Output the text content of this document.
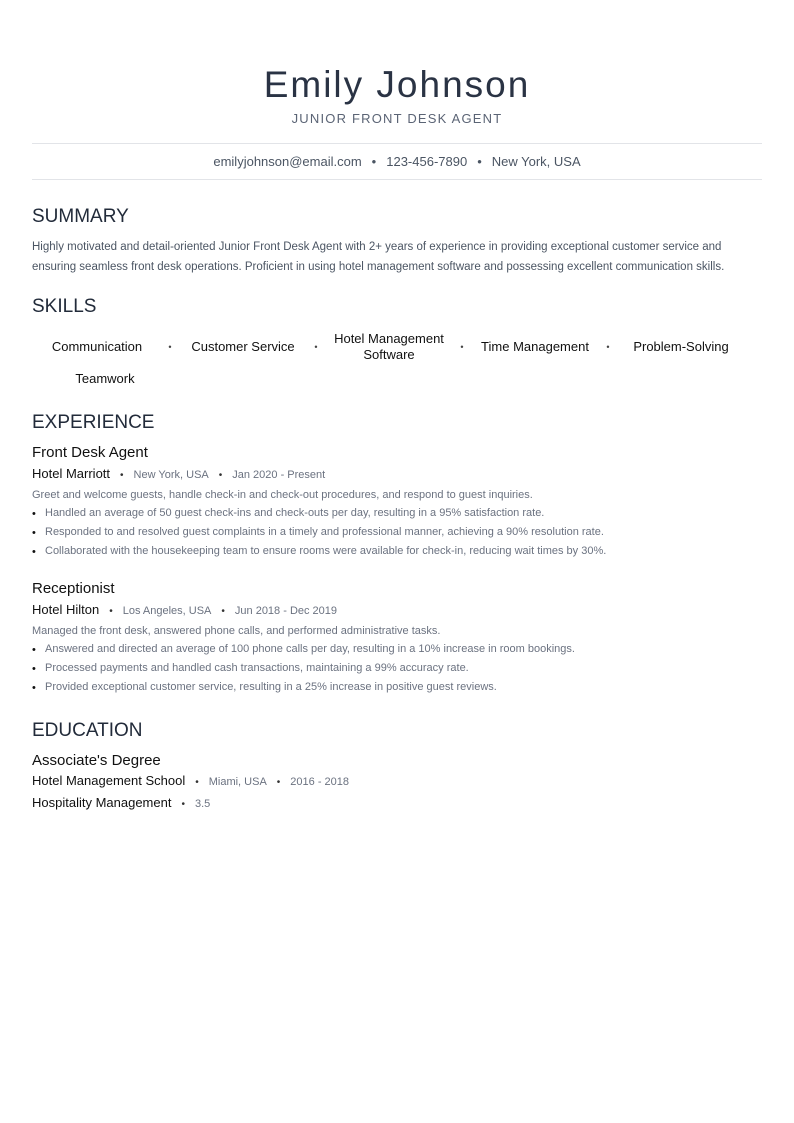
Emily Johnson
JUNIOR FRONT DESK AGENT
emilyjohnson@email.com • 123-456-7890 • New York, USA
SUMMARY
Highly motivated and detail-oriented Junior Front Desk Agent with 2+ years of experience in providing exceptional customer service and ensuring seamless front desk operations. Proficient in using hotel management software and possessing excellent communication skills.
SKILLS
Communication	•	Customer Service	•
Hotel Management Software	•	Time Management	•	Problem-Solving
Teamwork
EXPERIENCE
Front Desk Agent
Hotel Marriott • New York, USA • Jan 2020 - Present
Greet and welcome guests, handle check-in and check-out procedures, and respond to guest inquiries.
• Handled an average of 50 guest check-ins and check-outs per day, resulting in a 95% satisfaction rate.
• Responded to and resolved guest complaints in a timely and professional manner, achieving a 90% resolution rate.
• Collaborated with the housekeeping team to ensure rooms were available for check-in, reducing wait times by 30%.
Receptionist
Hotel Hilton • Los Angeles, USA • Jun 2018 - Dec 2019
Managed the front desk, answered phone calls, and performed administrative tasks.
• Answered and directed an average of 100 phone calls per day, resulting in a 10% increase in room bookings.
• Processed payments and handled cash transactions, maintaining a 99% accuracy rate.
• Provided exceptional customer service, resulting in a 25% increase in positive guest reviews.
EDUCATION
Associate's Degree
Hotel Management School • Miami, USA • 2016 - 2018
Hospitality Management • 3.5
